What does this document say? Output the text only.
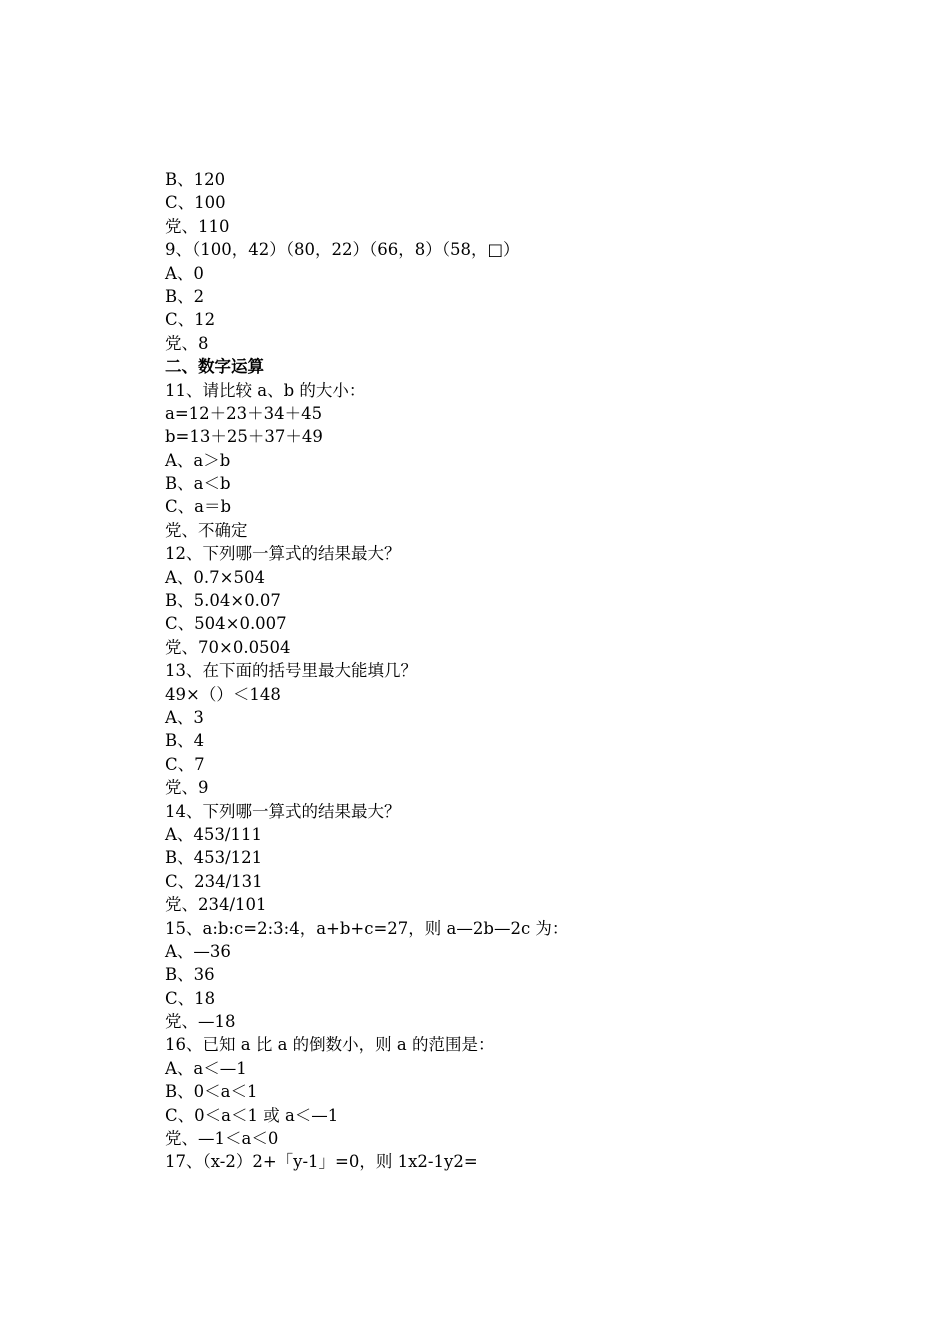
B、120
C、100
党、110
9、（100，42）（80，22）（66，8）（58，□）
A、0
B、2
C、12
党、8
二、数字运算
11、请比较 a、b 的大小：
a=12＋23＋34＋45
b=13＋25＋37＋49
A、a＞b
B、a＜b
C、a＝b
党、不确定
12、下列哪一算式的结果最大？
A、0.7×504
B、5.04×0.07
C、504×0.007
党、70×0.0504
13、在下面的括号里最大能填几？
49×（）＜148
A、3
B、4
C、7
党、9
14、下列哪一算式的结果最大？
A、453/111
B、453/121
C、234/131
党、234/101
15、a:b:c=2:3:4，a+b+c=27，则 a—2b—2c 为：
A、—36
B、36
C、18
党、—18
16、已知 a 比 a 的倒数小，则 a 的范围是：
A、a＜—1
B、0＜a＜1
C、0＜a＜1 或 a＜—1
党、—1＜a＜0
17、（x-2）2+「y-1」=0，则 1x2-1y2=
